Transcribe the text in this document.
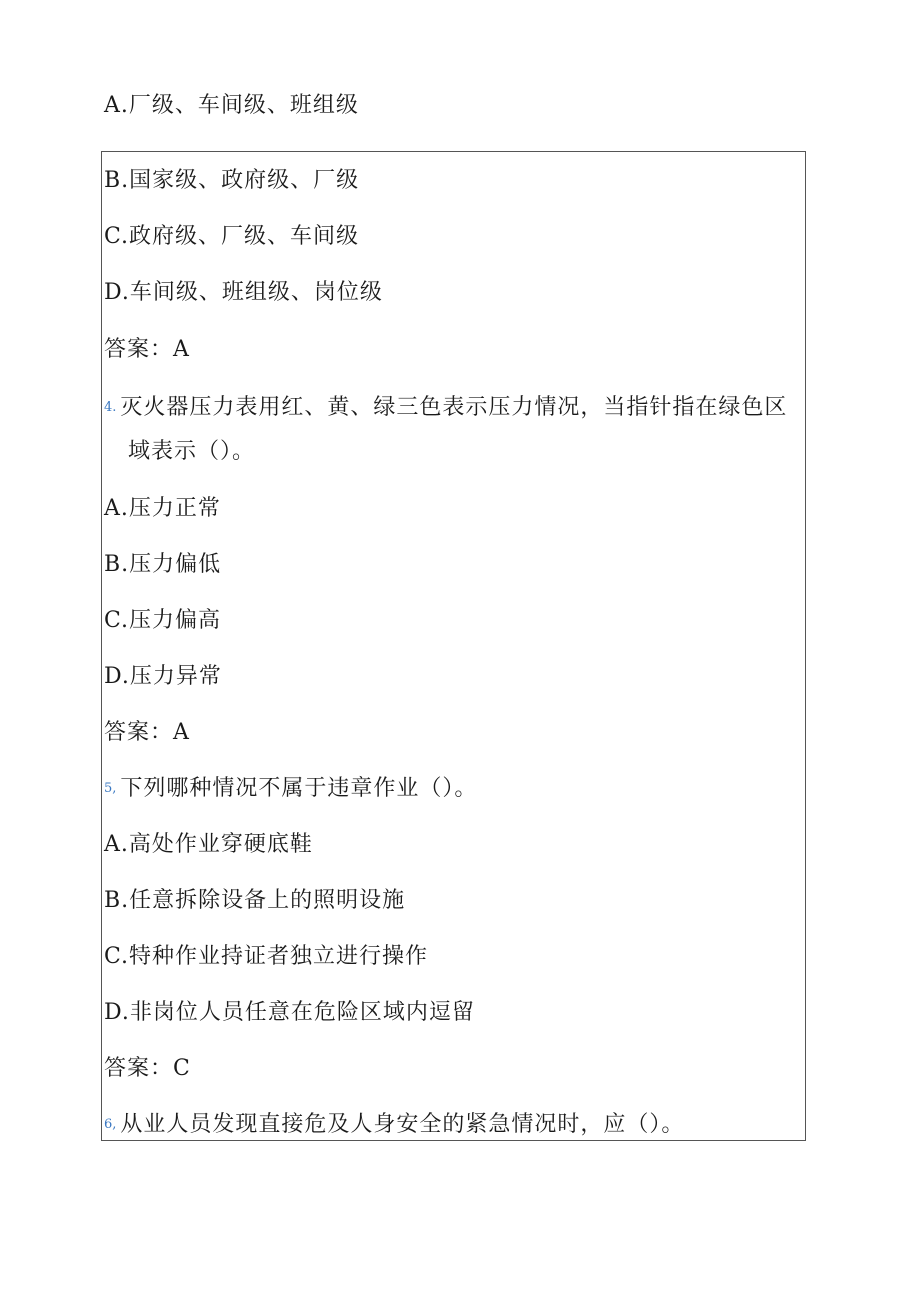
A.厂级、车间级、班组级
B.国家级、政府级、厂级
C.政府级、厂级、车间级
D.车间级、班组级、岗位级
答案：A
4. 灭火器压力表用红、黄、绿三色表示压力情况，当指针指在绿色区
域表示（）。
A.压力正常
B.压力偏低
C.压力偏高
D.压力异常
答案：A
5, 下列哪种情况不属于违章作业（）。
A.高处作业穿硬底鞋
B.任意拆除设备上的照明设施
C.特种作业持证者独立进行操作
D.非岗位人员任意在危险区域内逗留
答案：C
6, 从业人员发现直接危及人身安全的紧急情况时，应（）。
